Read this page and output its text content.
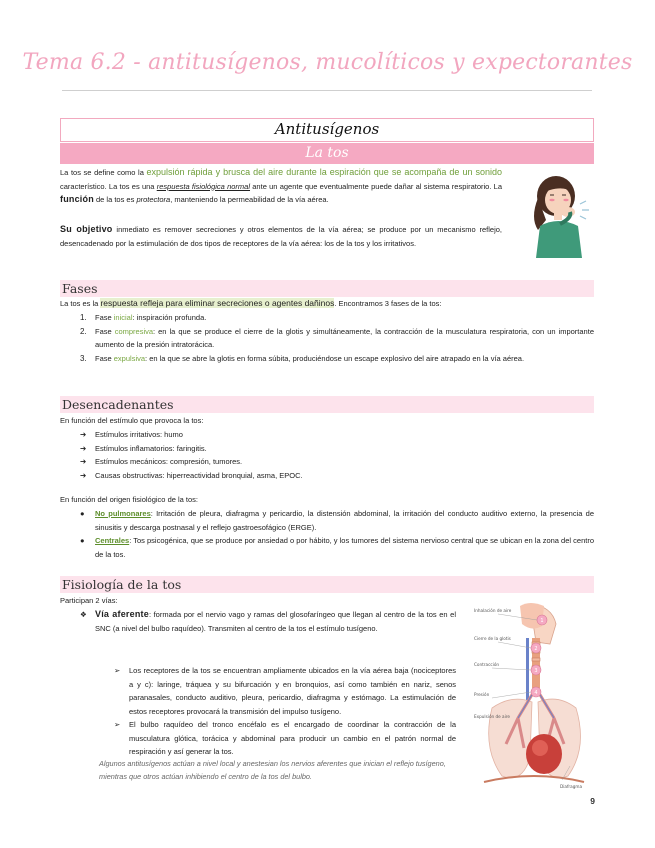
Tema 6.2 - antitusígenos, mucolíticos y expectorantes
Antitusígenos
La tos
La tos se define como la expulsión rápida y brusca del aire durante la espiración que se acompaña de un sonido característico. La tos es una respuesta fisiológica normal ante un agente que eventualmente puede dañar al sistema respiratorio. La función de la tos es protectora, manteniendo la permeabilidad de la vía aérea.
Su objetivo inmediato es remover secreciones y otros elementos de la vía aérea; se produce por un mecanismo reflejo, desencadenado por la estimulación de dos tipos de receptores de la vía aérea: los de la tos y los irritativos.
Fases
La tos es la respuesta refleja para eliminar secreciones o agentes dañinos. Encontramos 3 fases de la tos:
1. Fase inicial: inspiración profunda.
2. Fase compresiva: en la que se produce el cierre de la glotis y simultáneamente, la contracción de la musculatura respiratoria, con un importante aumento de la presión intratorácica.
3. Fase expulsiva: en la que se abre la glotis en forma súbita, produciéndose un escape explosivo del aire atrapado en la vía aérea.
Desencadenantes
En función del estímulo que provoca la tos:
➔ Estímulos irritativos: humo
➔ Estímulos inflamatorios: faringitis.
➔ Estímulos mecánicos: compresión, tumores.
➔ Causas obstructivas: hiperreactividad bronquial, asma, EPOC.
En función del origen fisiológico de la tos:
● No pulmonares: Irritación de pleura, diafragma y pericardio, la distensión abdominal, la irritación del conducto auditivo externo, la presencia de sinusitis y descarga postnasal y el reflejo gastroesofágico (ERGE).
● Centrales: Tos psicogénica, que se produce por ansiedad o por hábito, y los tumores del sistema nervioso central que se ubican en la zona del centro de la tos.
Fisiología de la tos
Participan 2 vías:
❖ Vía aferente: formada por el nervio vago y ramas del glosofaríngeo que llegan al centro de la tos en el SNC (a nivel del bulbo raquídeo). Transmiten al centro de la tos el estímulo tusígeno.
➢ Los receptores de la tos se encuentran ampliamente ubicados en la vía aérea baja (nociceptores a y c): laringe, tráquea y su bifurcación y en bronquios, así como también en nariz, senos paranasales, conducto auditivo, pleura, pericardio, diafragma y estómago. La estimulación de estos receptores provocará la transmisión del impulso tusígeno.
➢ El bulbo raquídeo del tronco encéfalo es el encargado de coordinar la contracción de la musculatura glótica, torácica y abdominal para producir un cambio en el patrón normal de respiración y así generar la tos.
Algunos antitusígenos actúan a nivel local y anestesian los nervios aferentes que inician el reflejo tusígeno, mientras que otros actúan inhibiendo el centro de la tos del bulbo.
1
2
3
4
Inhalación de aire
Cierre de la glotis
Contracción
Presión
Expulsión de aire
Diafragma
9
